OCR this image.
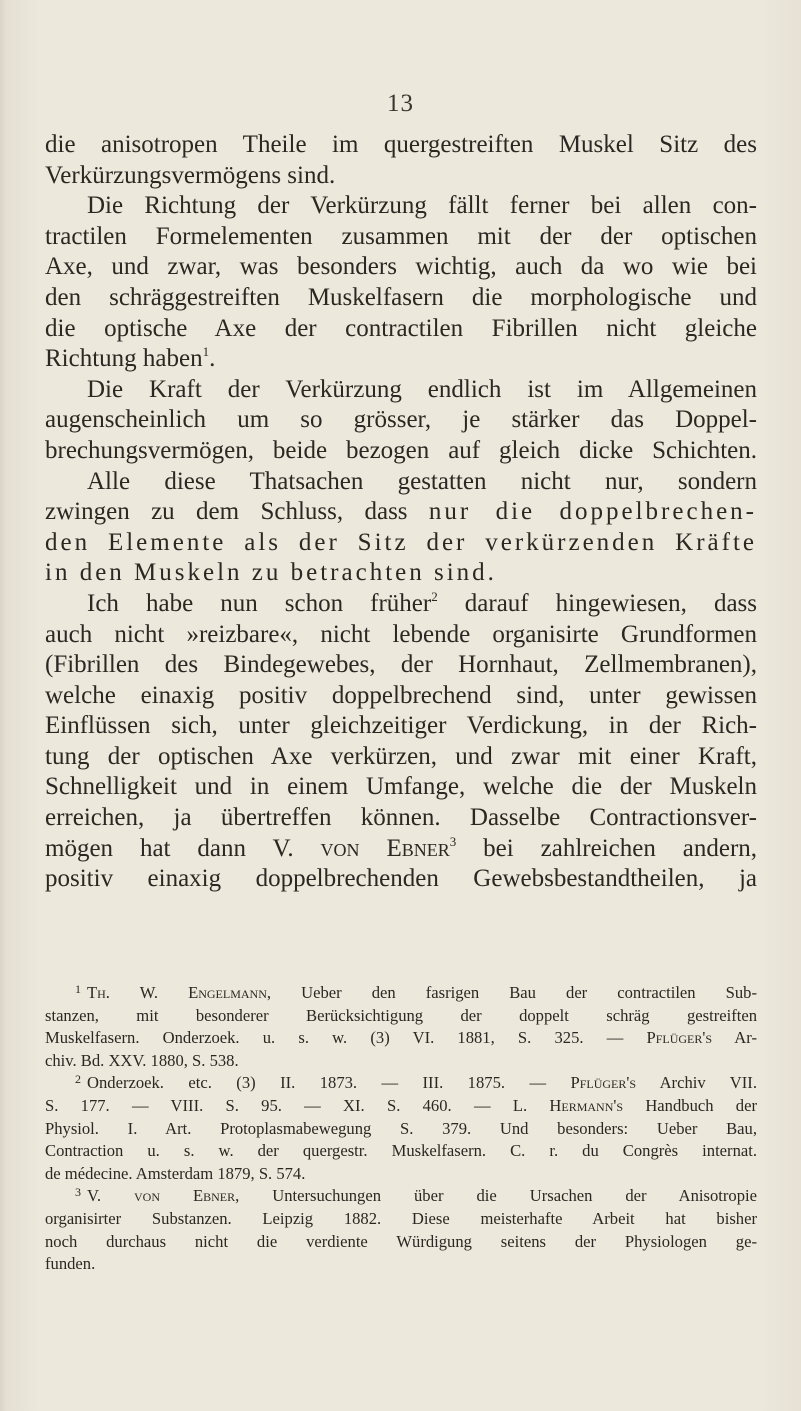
13
die anisotropen Theile im quergestreiften Muskel Sitz des
Verkürzungsvermögens sind.
Die Richtung der Verkürzung fällt ferner bei allen con-
tractilen Formelementen zusammen mit der der optischen
Axe, und zwar, was besonders wichtig, auch da wo wie bei
den schräggestreiften Muskelfasern die morphologische und
die optische Axe der contractilen Fibrillen nicht gleiche
Richtung haben$^1$.
Die Kraft der Verkürzung endlich ist im Allgemeinen
augenscheinlich um so grösser, je stärker das Doppel-
brechungsvermögen, beide bezogen auf gleich dicke Schichten.
Alle diese Thatsachen gestatten nicht nur, sondern
zwingen zu dem Schluss, dass nur die doppelbrechen-
den Elemente als der Sitz der verkürzenden Kräfte
in den Muskeln zu betrachten sind.
Ich habe nun schon früher$^2$ darauf hingewiesen, dass
auch nicht »reizbare«, nicht lebende organisirte Grundformen
(Fibrillen des Bindegewebes, der Hornhaut, Zellmembranen),
welche einaxig positiv doppelbrechend sind, unter gewissen
Einflüssen sich, unter gleichzeitiger Verdickung, in der Rich-
tung der optischen Axe verkürzen, und zwar mit einer Kraft,
Schnelligkeit und in einem Umfange, welche die der Muskeln
erreichen, ja übertreffen können. Dasselbe Contractionsver-
mögen hat dann V. von Ebner$^3$ bei zahlreichen andern,
positiv einaxig doppelbrechenden Gewebsbestandtheilen, ja
$^1$ Th. W. Engelmann, Ueber den fasrigen Bau der contractilen Sub-
stanzen, mit besonderer Berücksichtigung der doppelt schräg gestreiften
Muskelfasern. Onderzoek. u. s. w. (3) VI. 1881, S. 325. — Pflüger's Ar-
chiv. Bd. XXV. 1880, S. 538.
$^2$ Onderzoek. etc. (3) II. 1873. — III. 1875. — Pflüger's Archiv VII.
S. 177. — VIII. S. 95. — XI. S. 460. — L. Hermann's Handbuch der
Physiol. I. Art. Protoplasmabewegung S. 379. Und besonders: Ueber Bau,
Contraction u. s. w. der quergestr. Muskelfasern. C. r. du Congrès internat.
de médecine. Amsterdam 1879, S. 574.
$^3$ V. von Ebner, Untersuchungen über die Ursachen der Anisotropie
organisirter Substanzen. Leipzig 1882. Diese meisterhafte Arbeit hat bisher
noch durchaus nicht die verdiente Würdigung seitens der Physiologen ge-
funden.
